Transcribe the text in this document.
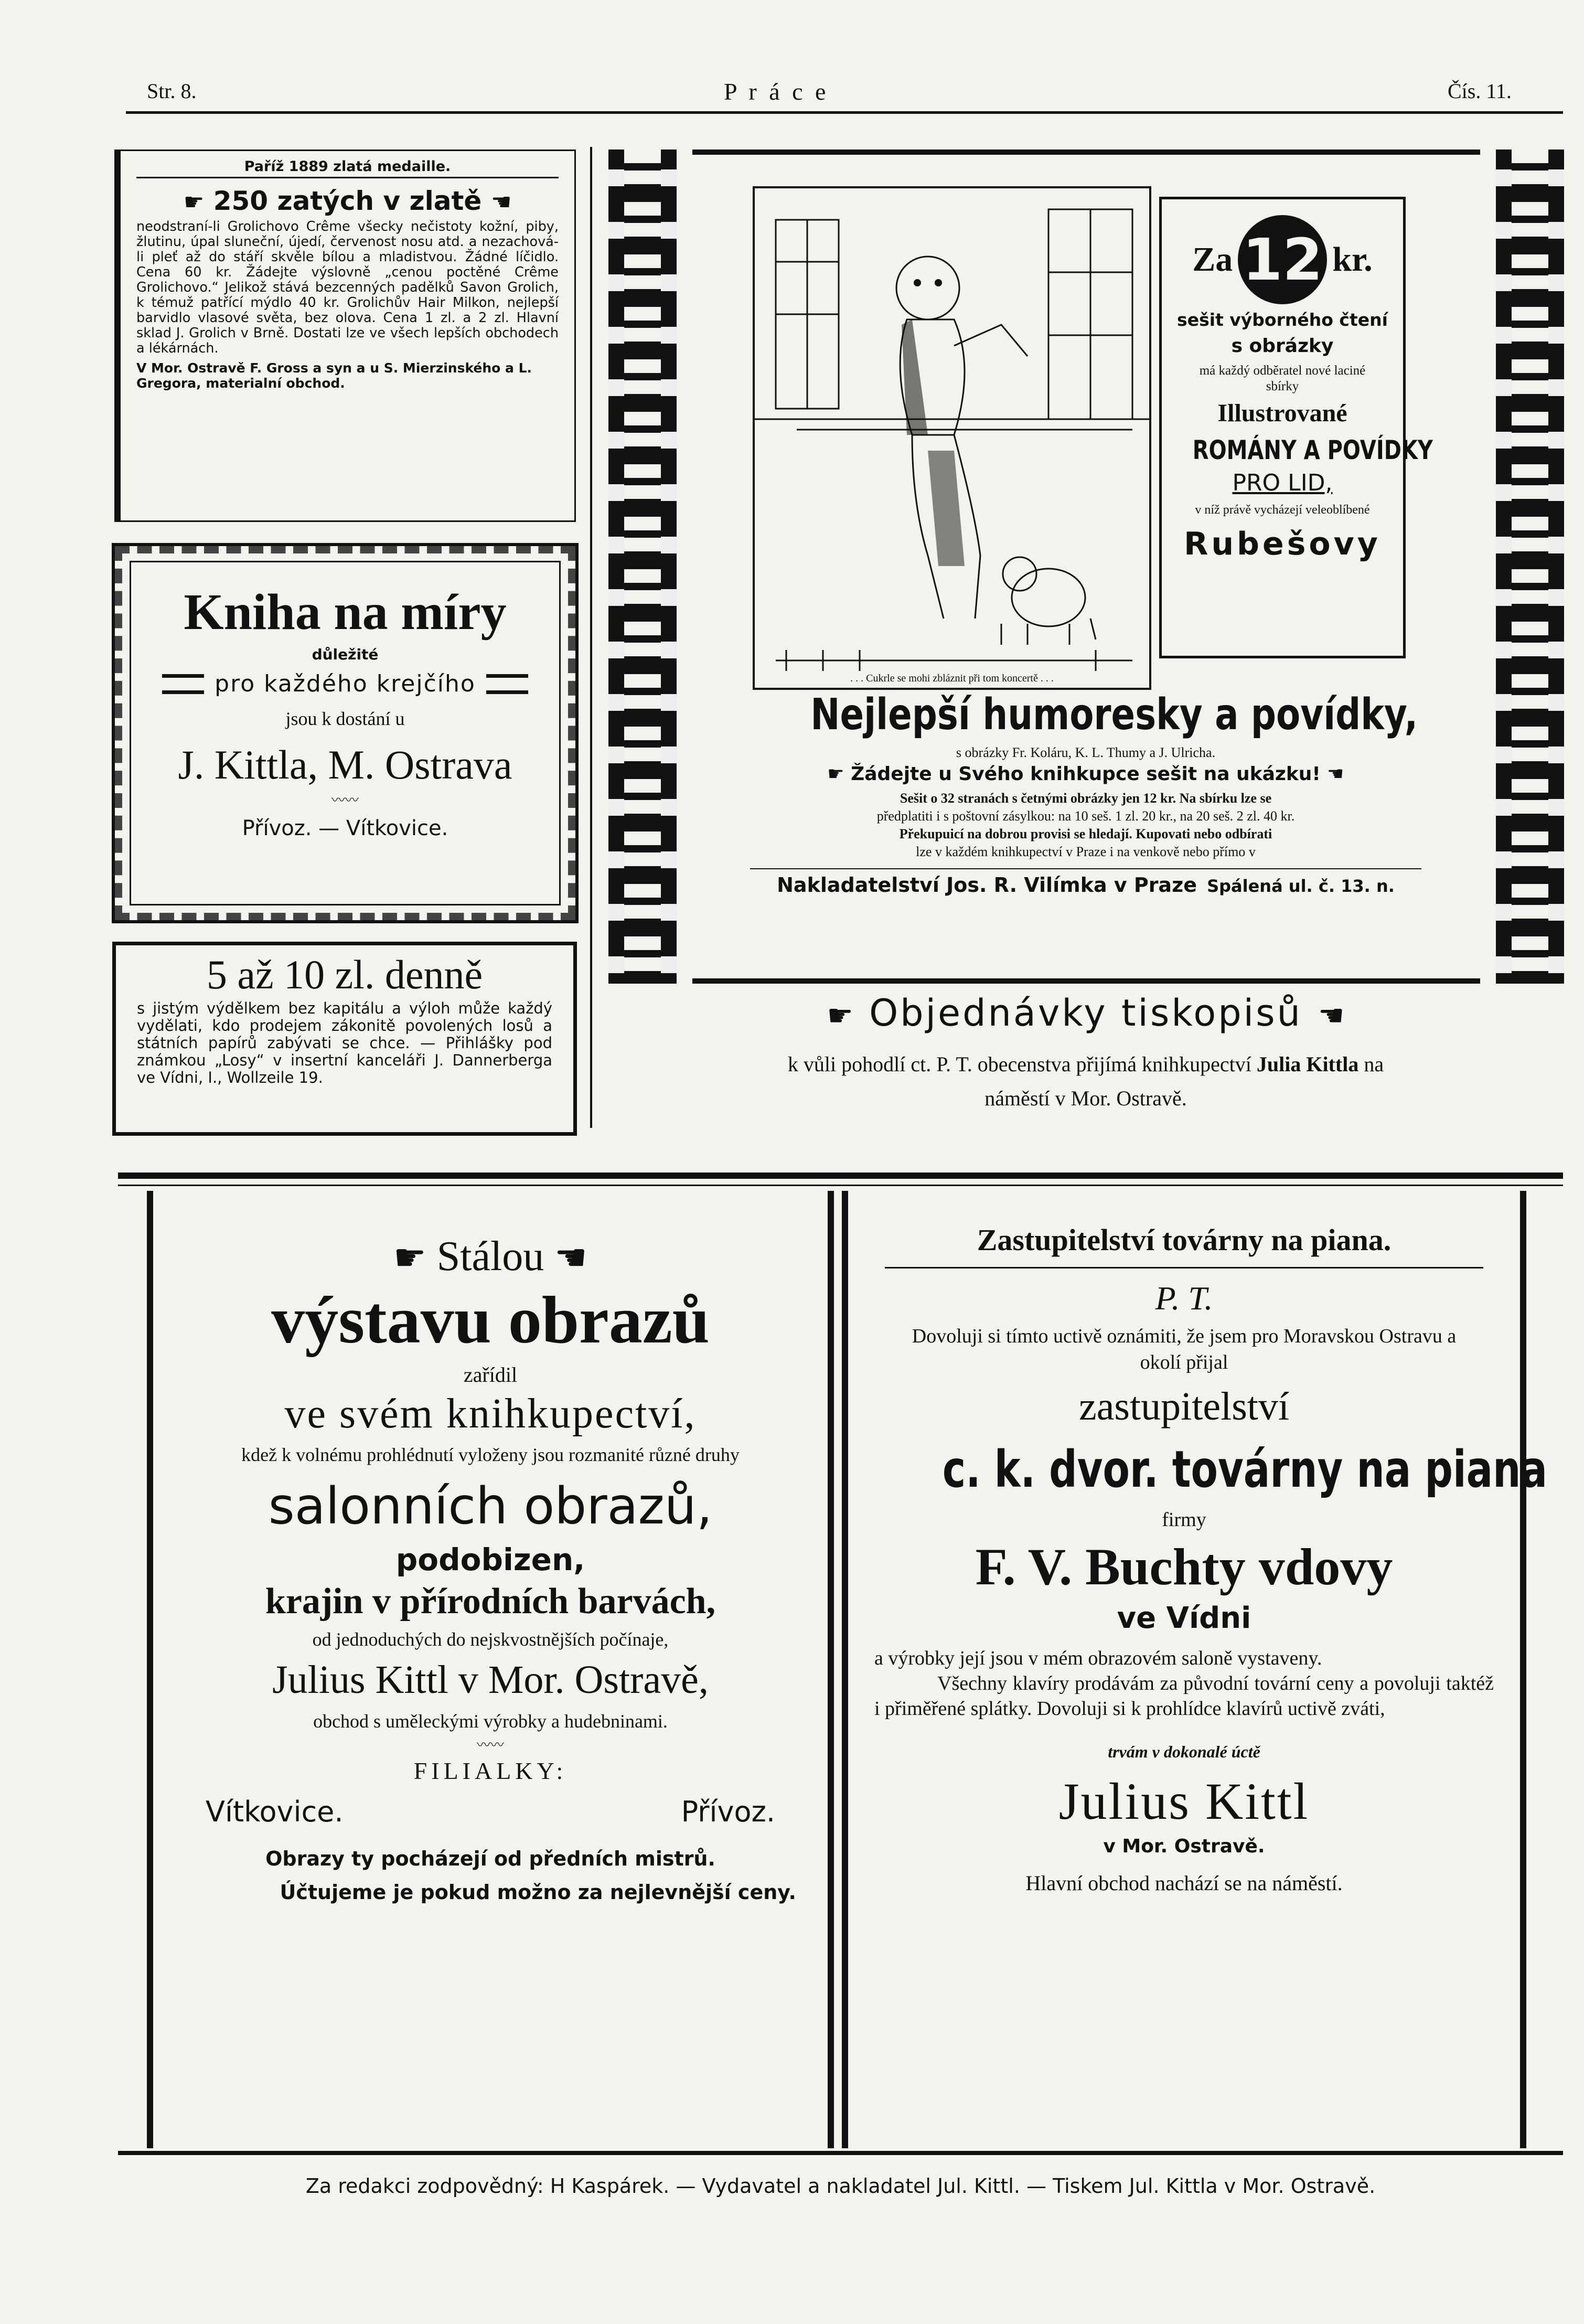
Str. 8.	P r á c e	Čís. 11.
Paříž 1889 zlatá medaille.
☛ 250 zatých v zlatě ☛

neodstraní-li Grolichovo Crême všecky nečistoty kožní, piby, žlutinu, úpal sluneční, újedí, červenost nosu atd. a nezachová-li pleť až do stáří skvěle bílou a mladistvou. Žádné líčidlo. Cena 60 kr. Žádejte výslovně „cenou poctěné Crême Grolichovo.“ Jelikož stává bezcenných padělků Savon Grolich, k témuž patřící mýdlo 40 kr. Grolichův Hair Milkon, nejlepší barvidlo vlasové světa, bez olova. Cena 1 zl. a 2 zl. Hlavní sklad J. Grolich v Brně. Dostati lze ve všech lepších obchodech a lékárnách.

V Mor. Ostravě F. Gross a syn a u S. Mierzinského a L. Gregora, materialní obchod.

Kniha na míry
důležité
pro každého krejčího
jsou k dostání u
J. Kittla, M. Ostrava
〰〰
Přívoz. — Vítkovice.
5 až 10 zl. denně

s jistým výdělkem bez kapitálu a výloh může každý vydělati, kdo prodejem zákonitě povolených losů a státních papírů zabývati se chce. — Přihlášky pod známkou „Losy“ v insertní kanceláři J. Dannerberga ve Vídni, I., Wollzeile 19.

. . . Cukrle se mohi zbláznit při tom koncertě . . .
Za 12 kr.
sešit výborného čtení
s obrázky
má každý odběratel nové laciné sbírky
Illustrované
ROMÁNY A POVÍDKY
PRO LID,
v níž právě vycházejí velеoblíbené
Rubešovy
Nejlepší humoresky a povídky,
s obrázky Fr. Koláru, K. L. Thumy a J. Ulricha.
☛ Žádejte u Svého knihkupce sešit na ukázku! ☛
Sešit o 32 stranách s četnými obrázky jen 12 kr. Na sbírku lze se
předplatiti i s poštovní zásylkou: na 10 seš. 1 zl. 20 kr., na 20 seš. 2 zl. 40 kr.
Překupuicí na dobrou provisi se hledají. Kupovati nebo odbírati
lze v každém knihkupectví v Praze i na venkově nebo přímo v
Nakladatelství Jos. R. Vilímka v Praze Spálená ul. č. 13. n.
☛ Objednávky tiskopisů ☛
k vůli pohodlí ct. P. T. obecenstva přijímá knihkupectví Julia Kittla na
náměstí v Mor. Ostravě.
☛ Stálou ☛
výstavu obrazů
zařídil
ve svém knihkupectví,
kdež k volnému prohlédnutí vyloženy jsou rozmanité různé druhy
salonních obrazů,
podobizen,
krajin v přírodních barvách,
od jednoduchých do nejskvostnějších počínaje,
Julius Kittl v Mor. Ostravě,
obchod s uměleckými výrobky a hudebninami.
〰〰
FILIALKY:
Vítkovice.	Přívoz.
Obrazy ty pocházejí od předních mistrů.
Účtujeme je pokud možno za nejlevnější ceny.
Zastupitelství továrny na piana.
P. T.
Dovoluji si tímto uctivě oznámiti, že jsem pro Moravskou Ostravu a okolí přijal
zastupitelství
c. k. dvor. továrny na piana
firmy
F. V. Buchty vdovy
ve Vídni

a výrobky její jsou v mém obrazovém saloně vystaveny.

Všechny klavíry prodávám za původní tovární ceny a povoluji taktéž i přiměřené splátky. Dovoluji si k prohlídce klavírů uctivě zváti,

trvám v dokonalé úctě
Julius Kittl
v Mor. Ostravě.
Hlavní obchod nachází se na náměstí.
Za redakci zodpovědný: H Kaspárek. — Vydavatel a nakladatel Jul. Kittl. — Tiskem Jul. Kittla v Mor. Ostravě.
